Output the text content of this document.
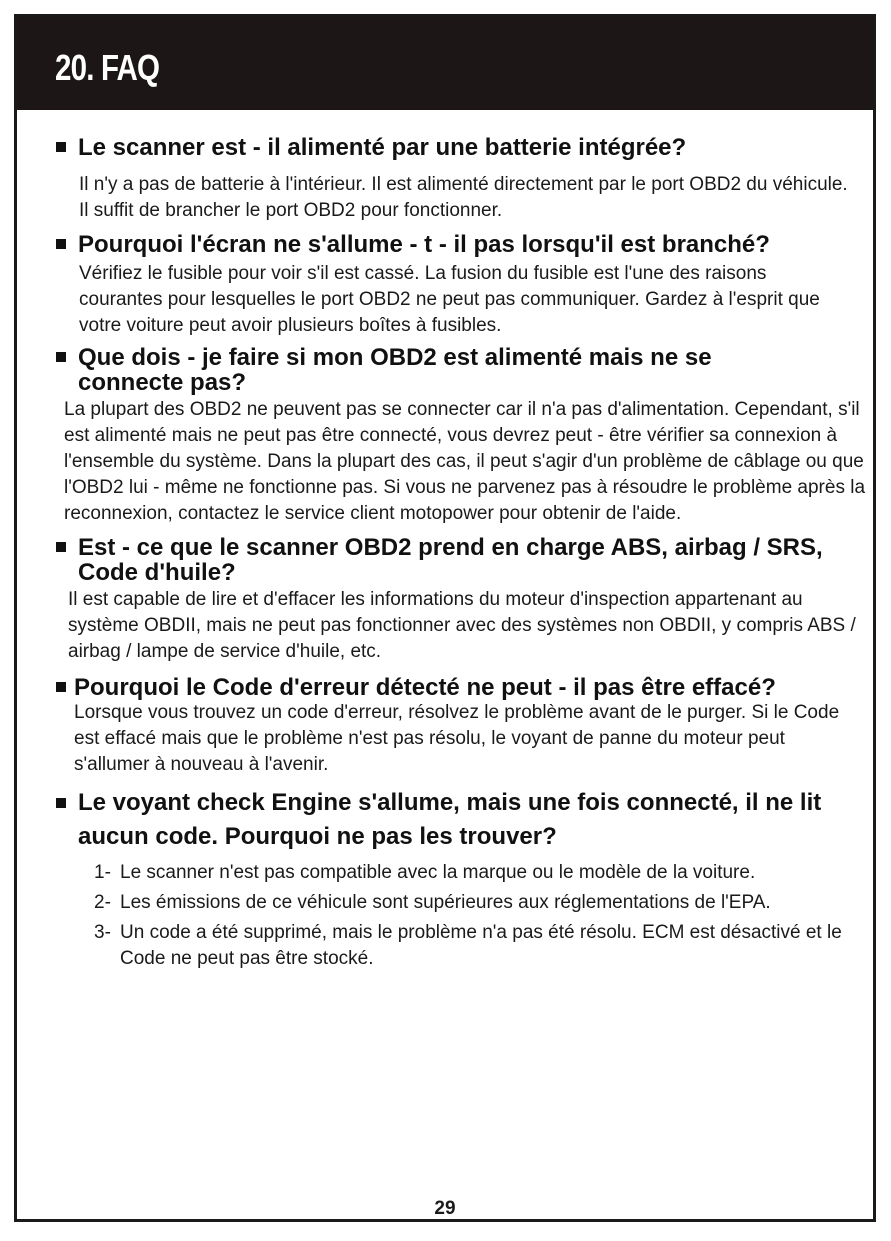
20. FAQ
Le scanner est - il alimenté par une batterie intégrée?
Il n'y a pas de batterie à l'intérieur. Il est alimenté directement par le port OBD2 du véhicule. Il suffit de brancher le port OBD2 pour fonctionner.
Pourquoi l'écran ne s'allume - t - il pas lorsqu'il est branché?
Vérifiez le fusible pour voir s'il est cassé. La fusion du fusible est l'une des raisons courantes pour lesquelles le port OBD2 ne peut pas communiquer. Gardez à l'esprit que votre voiture peut avoir plusieurs boîtes à fusibles.
Que dois - je faire si mon OBD2 est alimenté mais ne se connecte pas?
La plupart des OBD2 ne peuvent pas se connecter car il n'a pas d'alimentation. Cependant, s'il est alimenté mais ne peut pas être connecté, vous devrez peut - être vérifier sa connexion à l'ensemble du système. Dans la plupart des cas, il peut s'agir d'un problème de câblage ou que l'OBD2 lui - même ne fonctionne pas. Si vous ne parvenez pas à résoudre le problème après la reconnexion, contactez le service client motopower pour obtenir de l'aide.
Est - ce que le scanner OBD2 prend en charge ABS, airbag / SRS, Code d'huile?
Il est capable de lire et d'effacer les informations du moteur d'inspection appartenant au système OBDII, mais ne peut pas fonctionner avec des systèmes non OBDII, y compris ABS / airbag / lampe de service d'huile, etc.
Pourquoi le Code d'erreur détecté ne peut - il pas être effacé?
Lorsque vous trouvez un code d'erreur, résolvez le problème avant de le purger. Si le Code est effacé mais que le problème n'est pas résolu, le voyant de panne du moteur peut s'allumer à nouveau à l'avenir.
Le voyant check Engine s'allume, mais une fois connecté, il ne lit aucun code. Pourquoi ne pas les trouver?
1- Le scanner n'est pas compatible avec la marque ou le modèle de la voiture.
2- Les émissions de ce véhicule sont supérieures aux réglementations de l'EPA.
3- Un code a été supprimé, mais le problème n'a pas été résolu. ECM est désactivé et le Code ne peut pas être stocké.
29
